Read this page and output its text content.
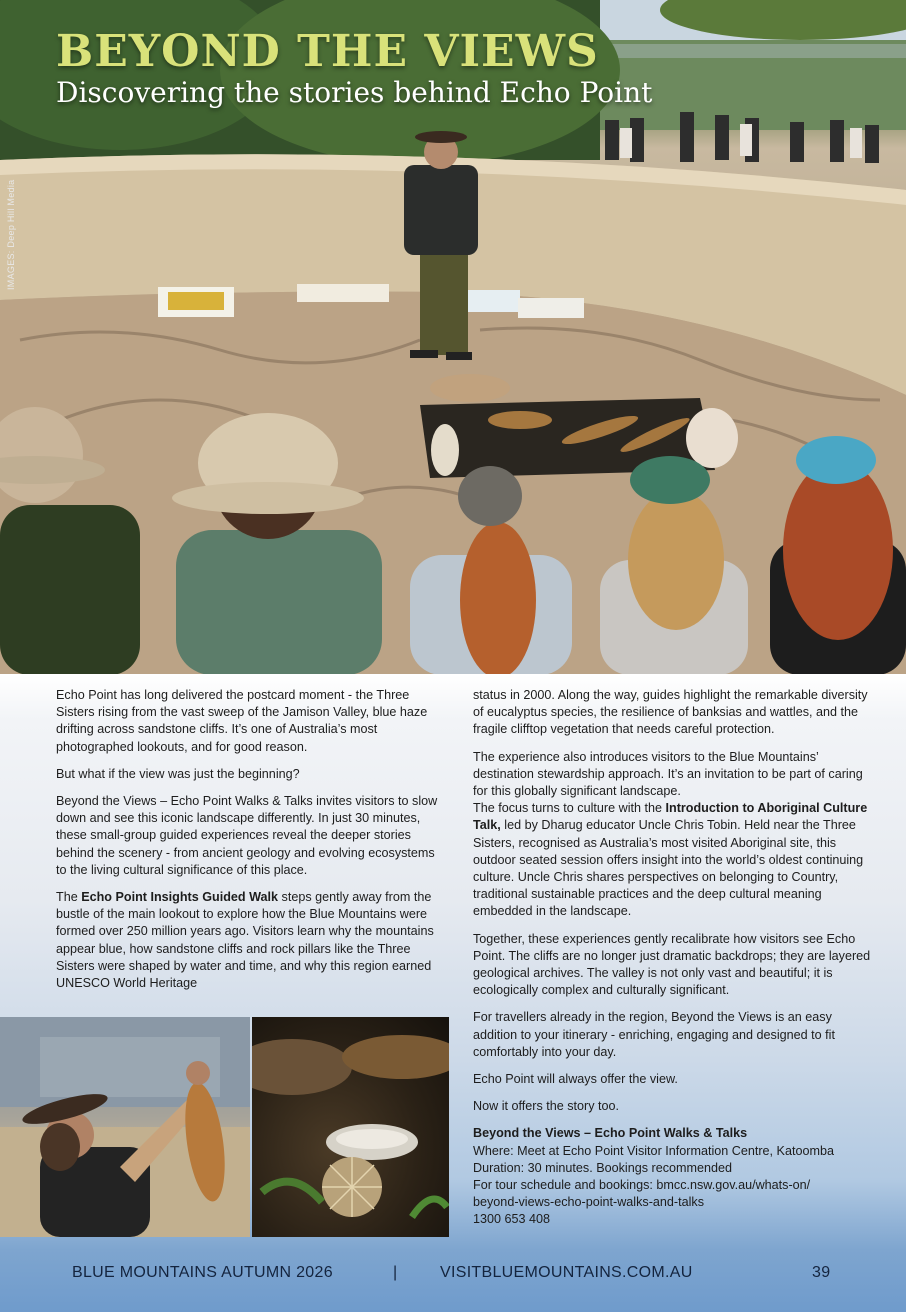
BEYOND THE VIEWS
Discovering the stories behind Echo Point
IMAGES: Deep Hill Media

Echo Point has long delivered the postcard moment - the Three Sisters rising from the vast sweep of the Jamison Valley, blue haze drifting across sandstone cliffs. It’s one of Australia’s most photographed lookouts, and for good reason.

But what if the view was just the beginning?

Beyond the Views – Echo Point Walks & Talks invites visitors to slow down and see this iconic landscape differently. In just 30 minutes, these small-group guided experiences reveal the deeper stories behind the scenery - from ancient geology and evolving ecosystems to the living cultural significance of this place.

The Echo Point Insights Guided Walk steps gently away from the bustle of the main lookout to explore how the Blue Mountains were formed over 250 million years ago. Visitors learn why the mountains appear blue, how sandstone cliffs and rock pillars like the Three Sisters were shaped by water and time, and why this region earned UNESCO World Heritage

status in 2000. Along the way, guides highlight the remarkable diversity of eucalyptus species, the resilience of banksias and wattles, and the fragile clifftop vegetation that needs careful protection.

The experience also introduces visitors to the Blue Mountains’ destination stewardship approach. It’s an invitation to be part of caring for this globally significant landscape.

The focus turns to culture with the Introduction to Aboriginal Culture Talk, led by Dharug educator Uncle Chris Tobin. Held near the Three Sisters, recognised as Australia’s most visited Aboriginal site, this outdoor seated session offers insight into the world’s oldest continuing culture. Uncle Chris shares perspectives on belonging to Country, traditional sustainable practices and the deep cultural meaning embedded in the landscape.

Together, these experiences gently recalibrate how visitors see Echo Point. The cliffs are no longer just dramatic backdrops; they are layered geological archives. The valley is not only vast and beautiful; it is ecologically complex and culturally significant.

For travellers already in the region, Beyond the Views is an easy addition to your itinerary - enriching, engaging and designed to fit comfortably into your day.

Echo Point will always offer the view.

Now it offers the story too.

Beyond the Views – Echo Point Walks & Talks

Where: Meet at Echo Point Visitor Information Centre, Katoomba

Duration: 30 minutes. Bookings recommended

For tour schedule and bookings: bmcc.nsw.gov.au/whats-on/

beyond-views-echo-point-walks-and-talks

1300 653 408

BLUE MOUNTAINS AUTUMN 2026	|	VISITBLUEMOUNTAINS.COM.AU	39
